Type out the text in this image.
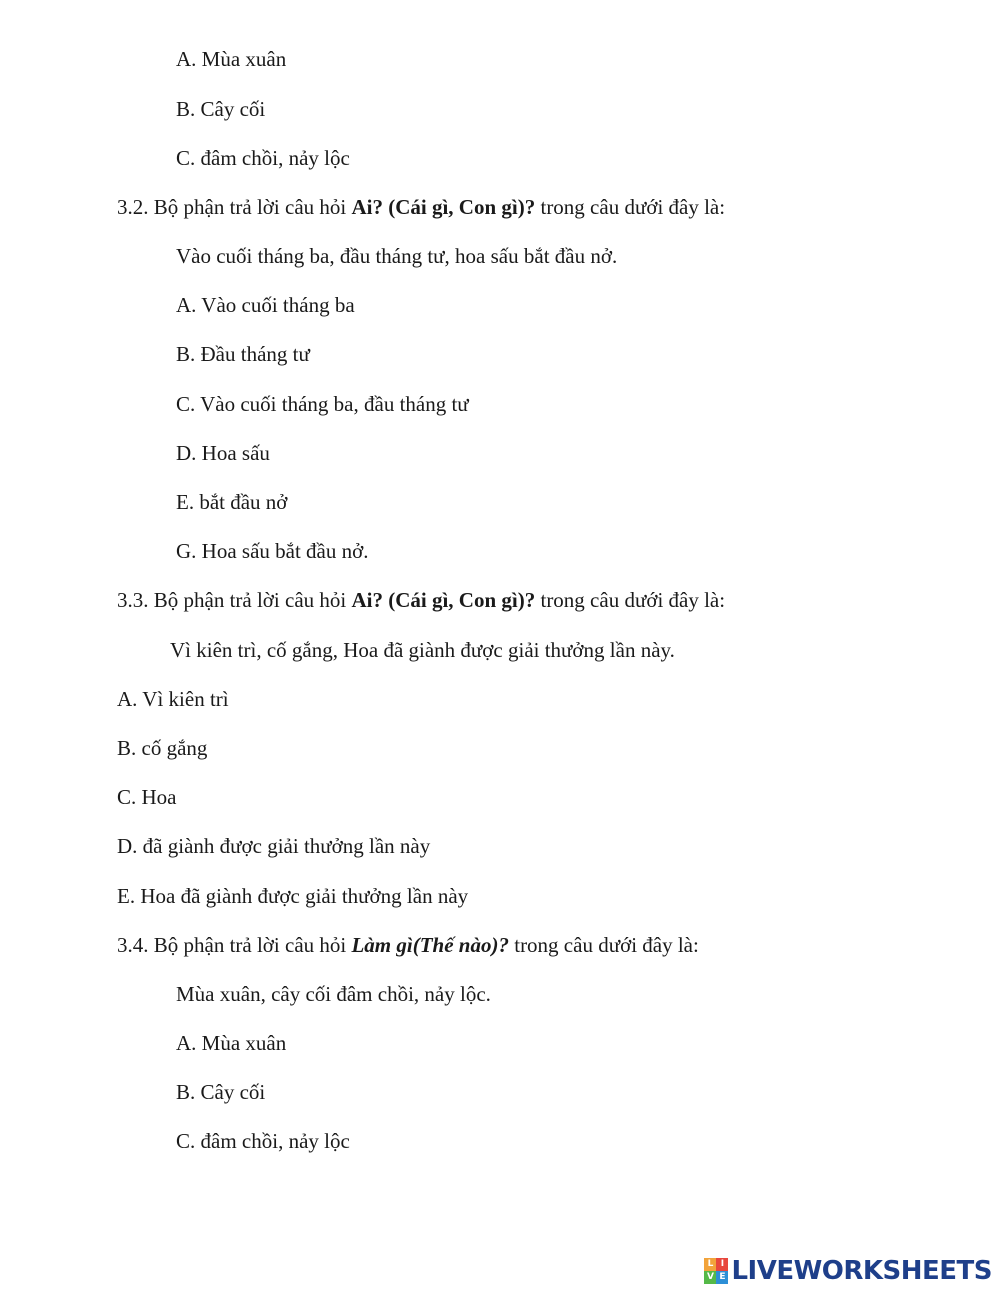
A. Mùa xuân
B. Cây cối
C. đâm chồi, nảy lộc
3.2. Bộ phận trả lời câu hỏi Ai? (Cái gì, Con gì)? trong câu dưới đây là:
Vào cuối tháng ba, đầu tháng tư, hoa sấu bắt đầu nở.
A. Vào cuối tháng ba
B. Đầu tháng tư
C. Vào cuối tháng ba, đầu tháng tư
D. Hoa sấu
E. bắt đầu nở
G. Hoa sấu bắt đầu nở.
3.3. Bộ phận trả lời câu hỏi Ai? (Cái gì, Con gì)? trong câu dưới đây là:
Vì kiên trì, cố gắng, Hoa đã giành được giải thưởng lần này.
A. Vì kiên trì
B. cố gắng
C. Hoa
D. đã giành được giải thưởng lần này
E. Hoa đã giành được giải thưởng lần này
3.4. Bộ phận trả lời câu hỏi Làm gì(Thế nào)? trong câu dưới đây là:
Mùa xuân, cây cối đâm chồi, nảy lộc.
A. Mùa xuân
B. Cây cối
C. đâm chồi, nảy lộc
L I
V E LIVEWORKSHEETS
